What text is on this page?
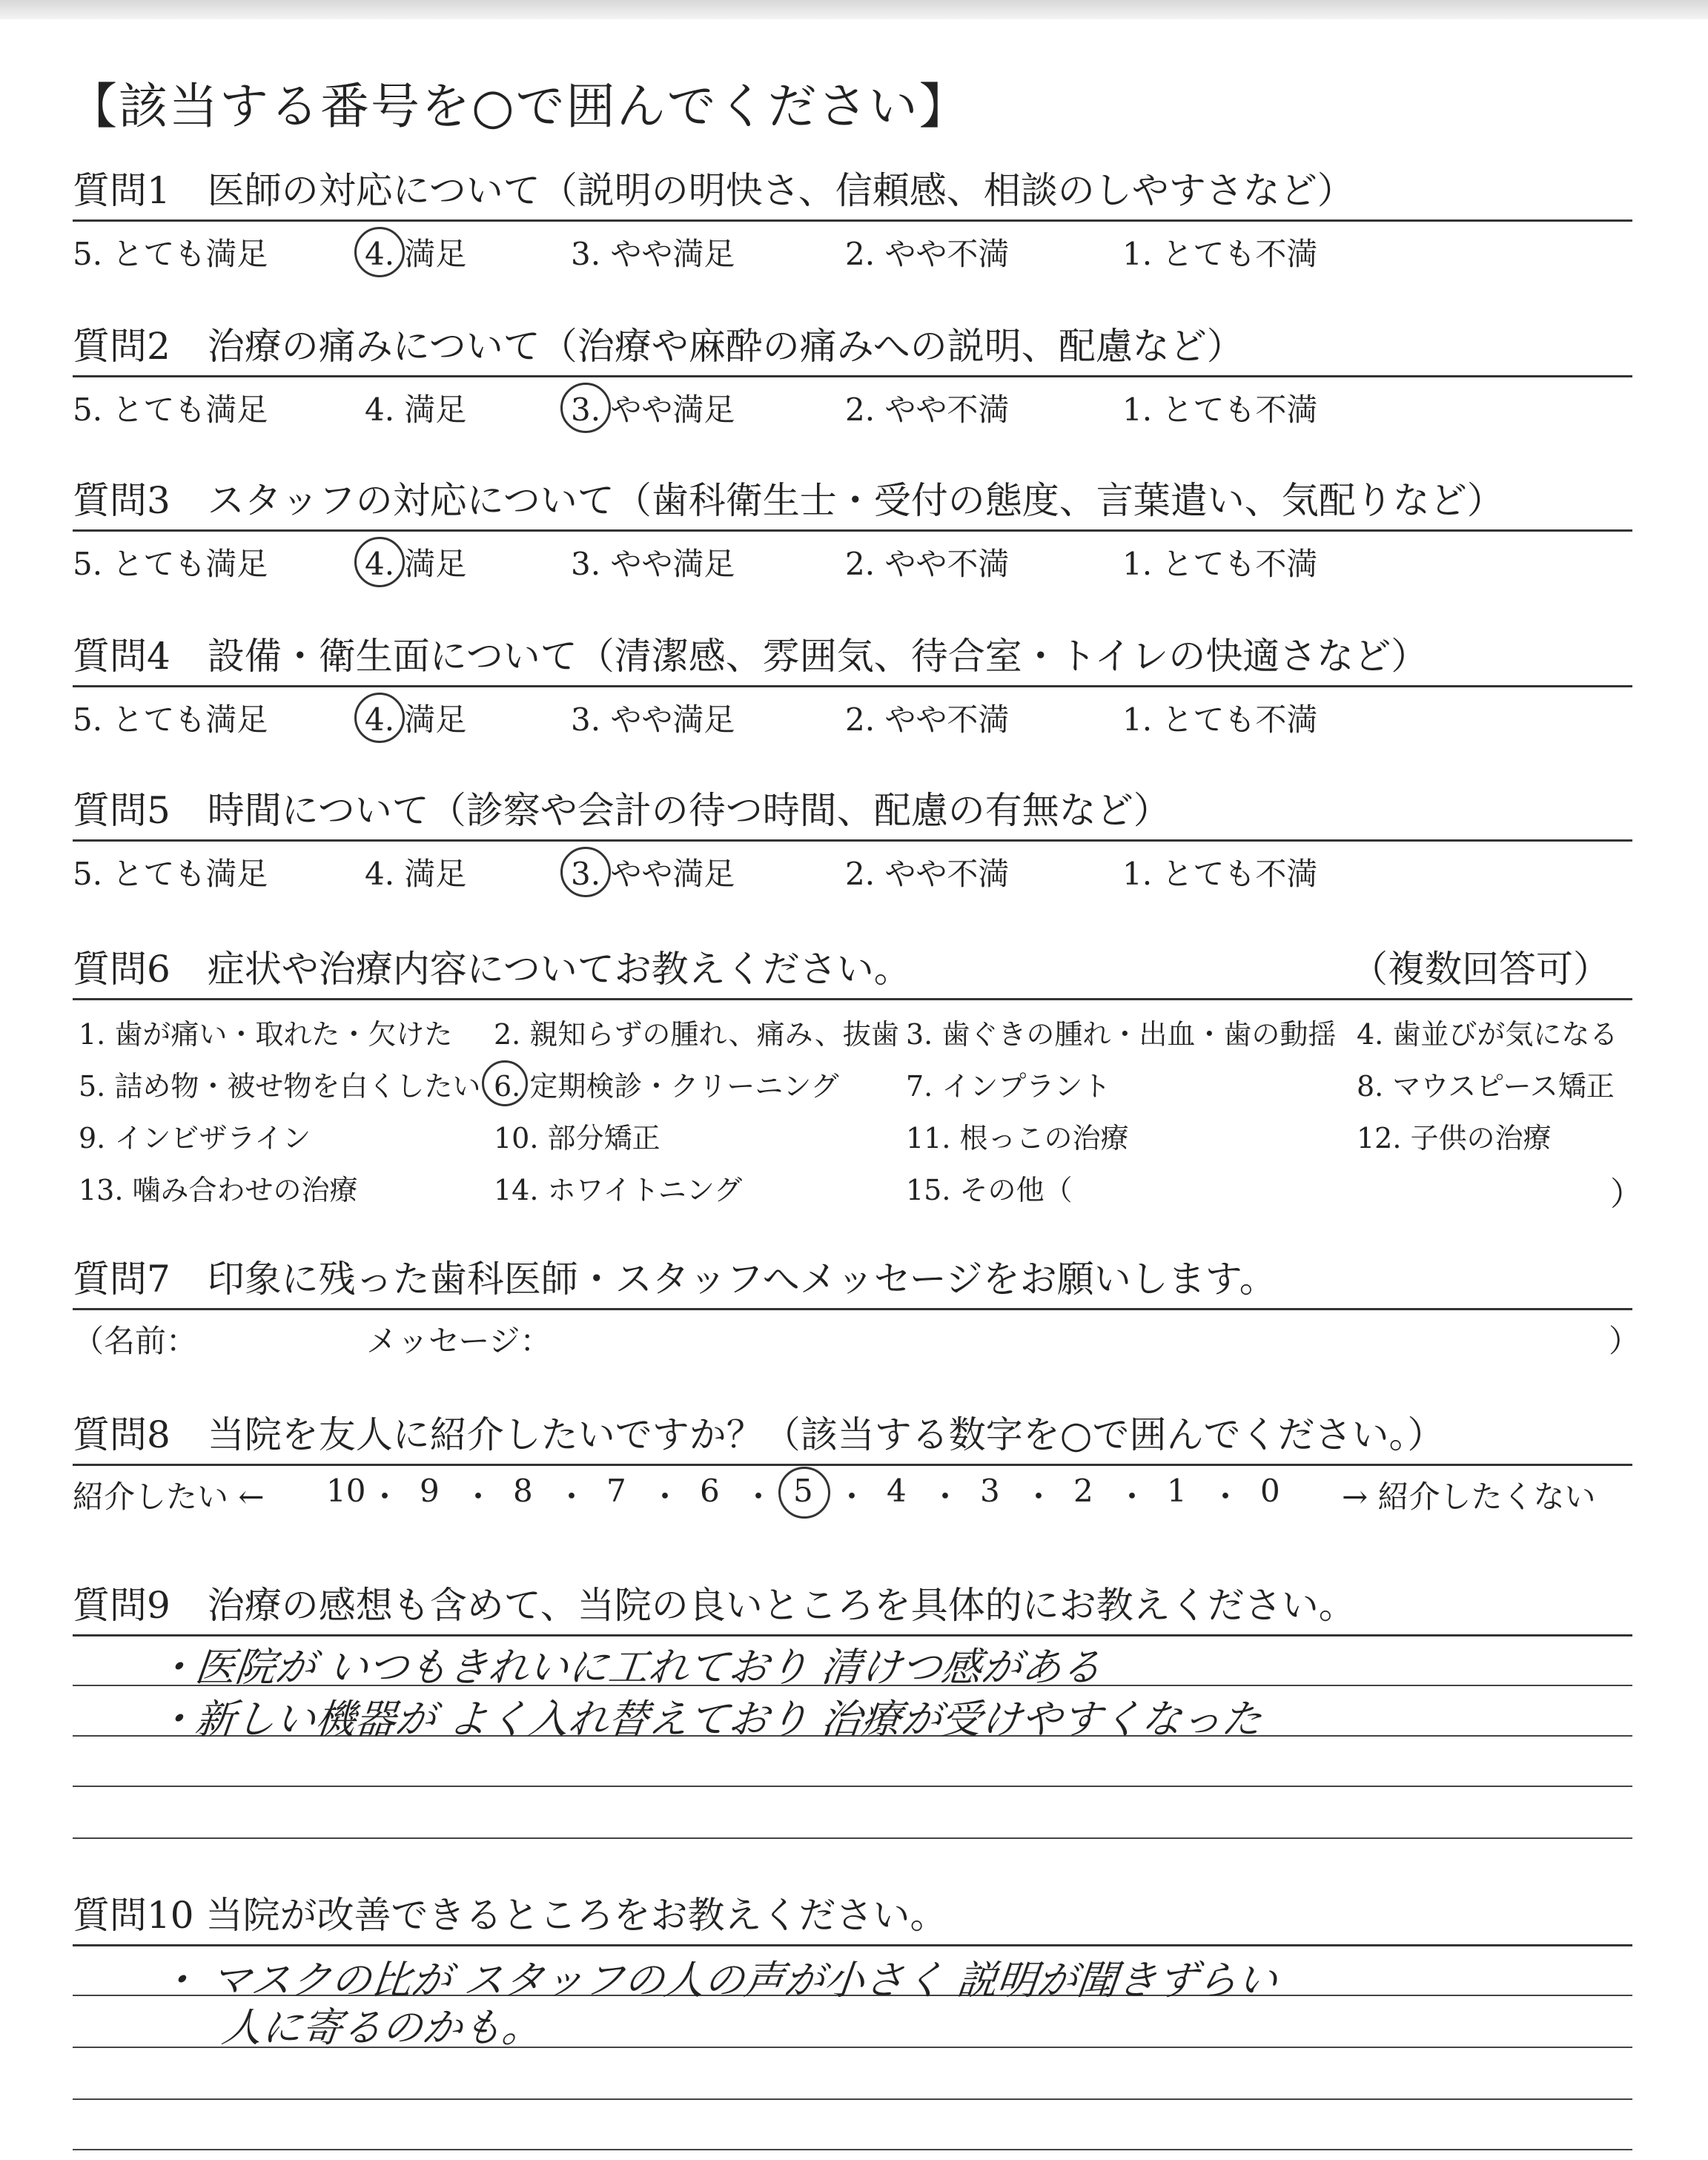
【該当する番号を○で囲んでください】
質問1　医師の対応について（説明の明快さ、信頼感、相談のしやすさなど）
5. とても満足	4. 満足	3. やや満足	2. やや不満	1. とても不満
質問2　治療の痛みについて（治療や麻酔の痛みへの説明、配慮など）
5. とても満足	4. 満足	3. やや満足	2. やや不満	1. とても不満
質問3　スタッフの対応について（歯科衛生士・受付の態度、言葉遣い、気配りなど）
5. とても満足	4. 満足	3. やや満足	2. やや不満	1. とても不満
質問4　設備・衛生面について（清潔感、雰囲気、待合室・トイレの快適さなど）
5. とても満足	4. 満足	3. やや満足	2. やや不満	1. とても不満
質問5　時間について（診察や会計の待つ時間、配慮の有無など）
5. とても満足	4. 満足	3. やや満足	2. やや不満	1. とても不満
質問6　症状や治療内容についてお教えください。	（複数回答可）
1. 歯が痛い・取れた・欠けた 2. 親知らずの腫れ、痛み、抜歯 3. 歯ぐきの腫れ・出血・歯の動揺 4. 歯並びが気になる
5. 詰め物・被せ物を白くしたい 6. 定期検診・クリーニング 7. インプラント	8. マウスピース矯正
9. インビザライン	10. 部分矯正	11. 根っこの治療	12. 子供の治療
13. 噛み合わせの治療	14. ホワイトニング	15. その他（	）
質問7　印象に残った歯科医師・スタッフへメッセージをお願いします。
（名前：	メッセージ：	）
質問8　当院を友人に紹介したいですか？（該当する数字を○で囲んでください。）
紹介したい ← 10 ・ 9 ・ 8 ・ 7 ・ 6 ・ 5 ・ 4 ・ 3 ・ 2 ・ 1 ・ 0 → 紹介したくない
質問9　治療の感想も含めて、当院の良いところを具体的にお教えください。
・医院が いつもきれいに工れており 清けつ感がある
・新しい機器が よく入れ替えており 治療が受けやすくなった
質問10 当院が改善できるところをお教えください。
・ マスクの比が スタッフの人の声が小さく 説明が聞きずらい
人に寄るのかも。
